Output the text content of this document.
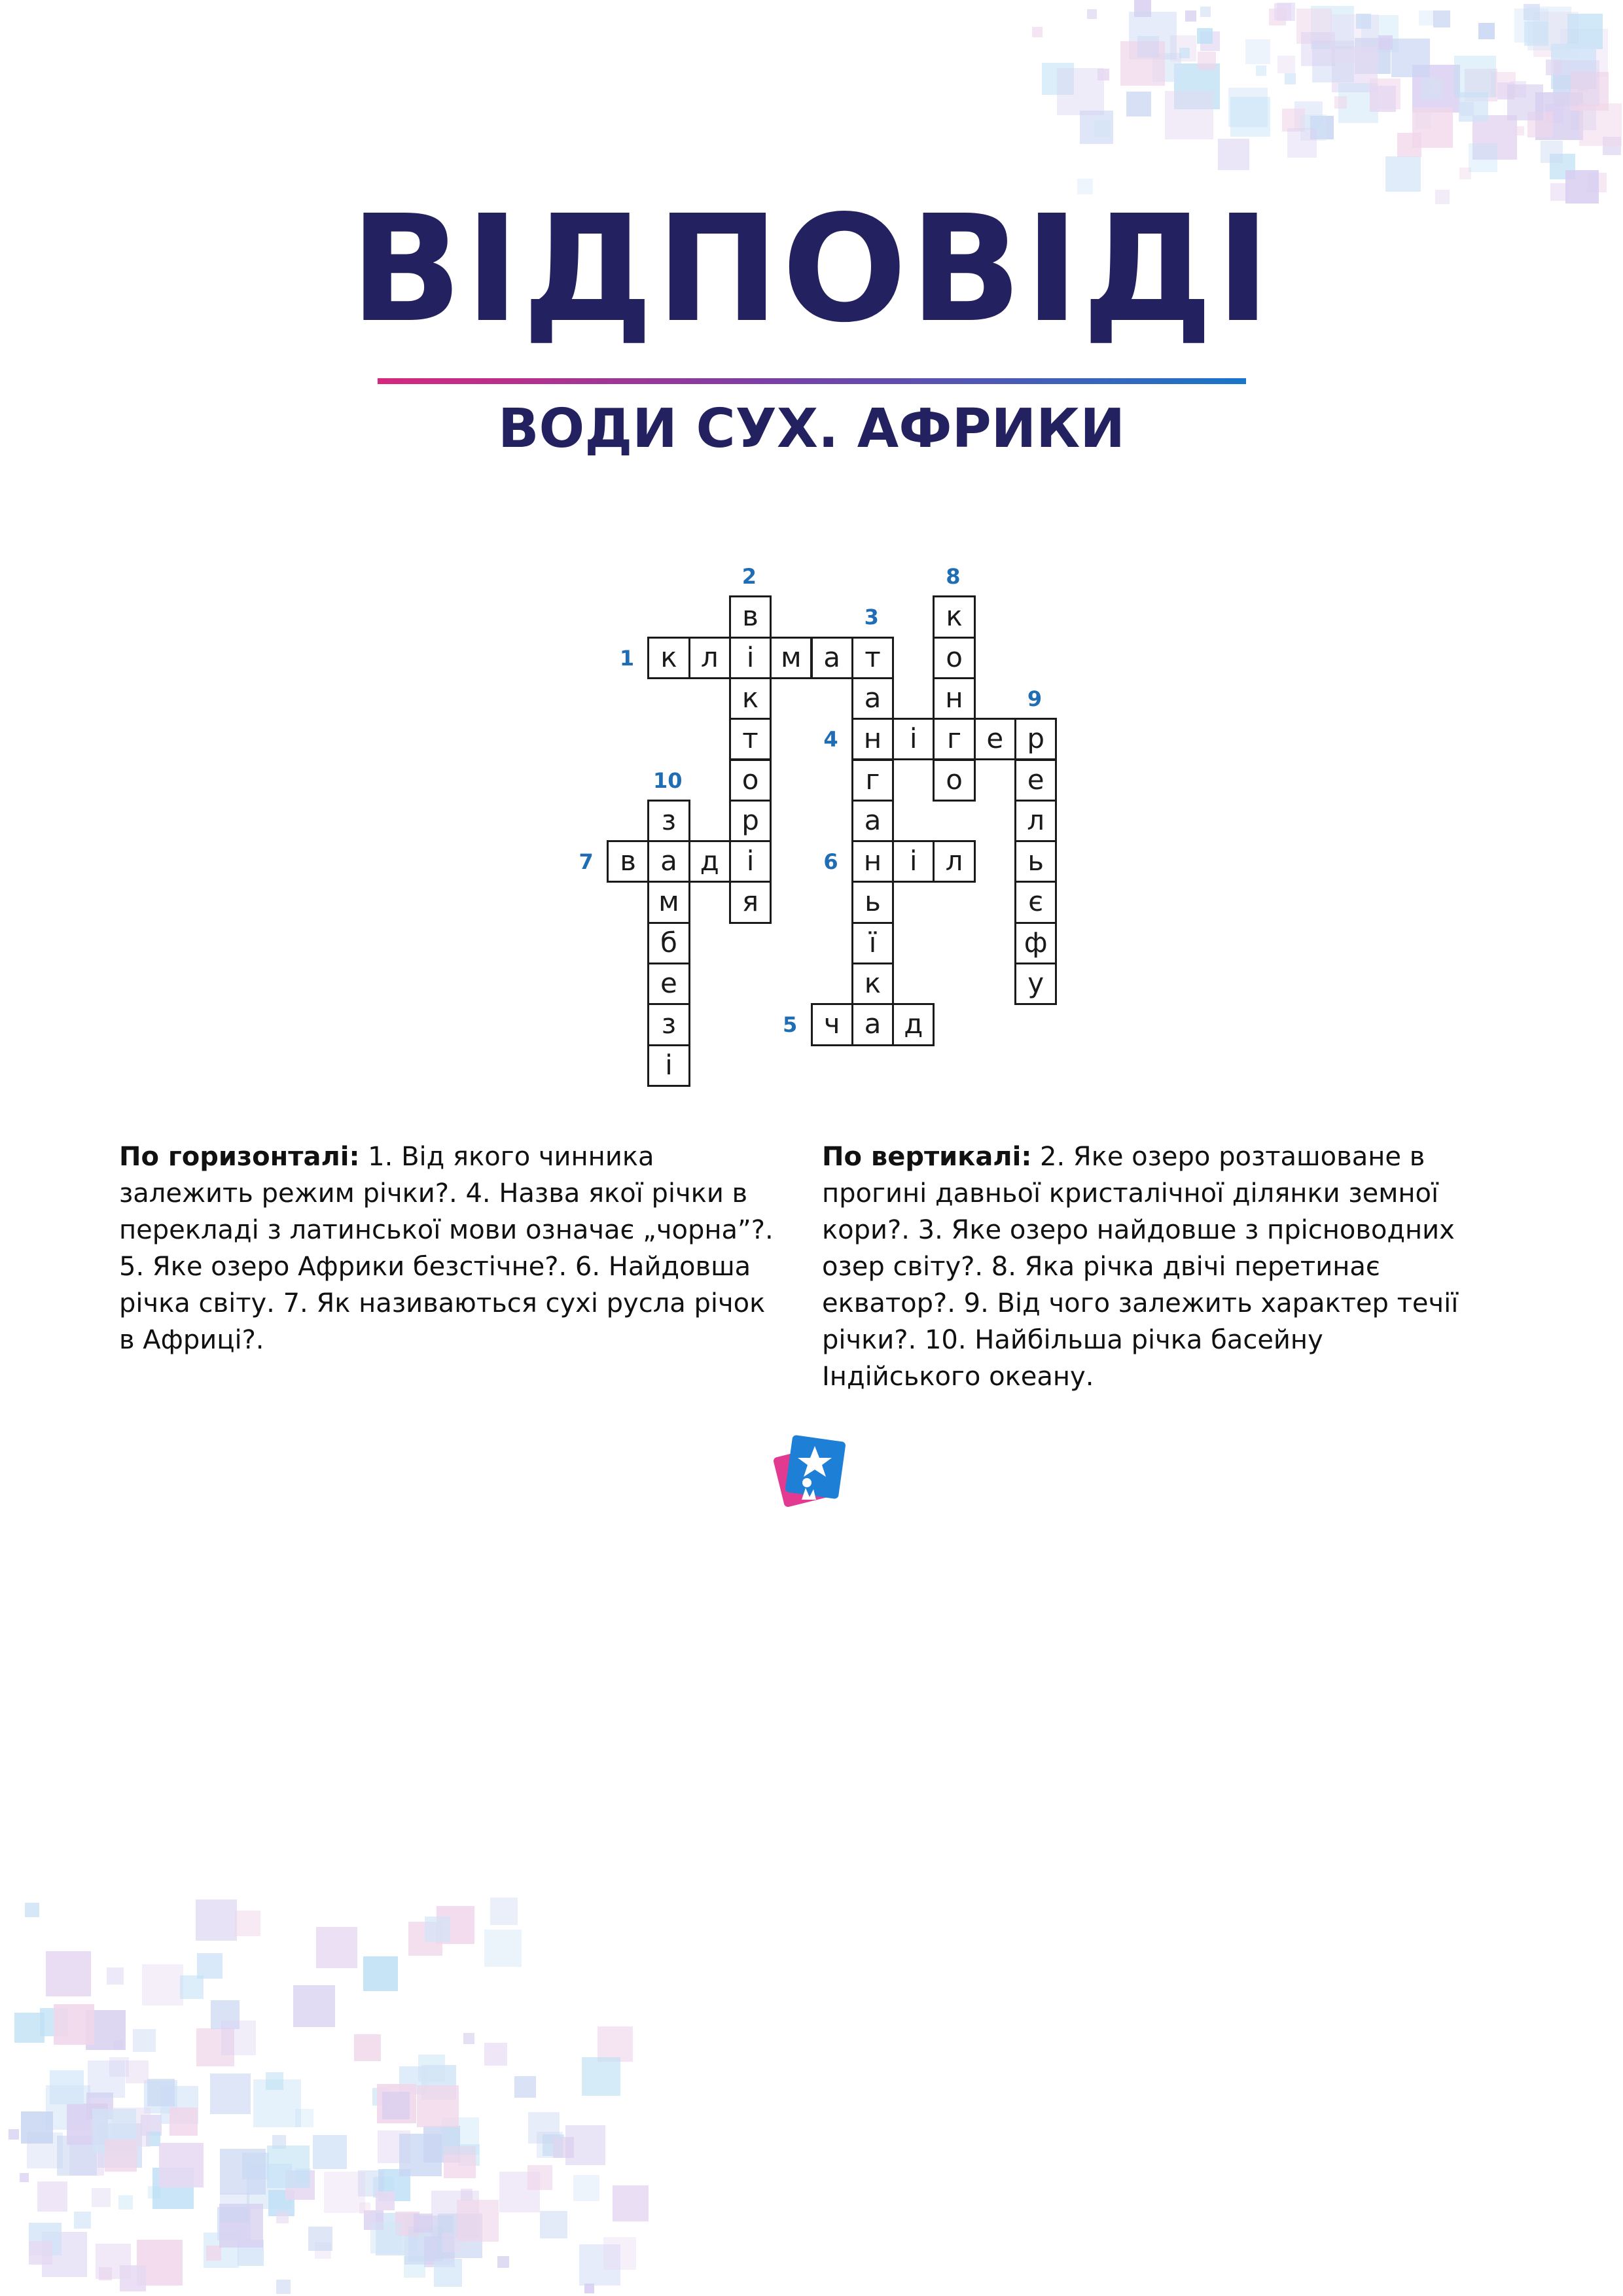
ВІДПОВІДІ
ВОДИ СУХ. АФРИКИ
к л	і м а т
н	і	г е р
ч а д
н	і	л
в а д і
в
к
т
о
р
я
а
г
а
ь
ї
к
к
о
н
о	е
л
ь
є
ф
у
з
м
б
е
з
і
1
4
5
6
7
2
3
8
9
10
По горизонталі: 1. Від якого чинника залежить режим річки?. 4. Назва якої річки в перекладі з латинської мови означає „чорна”?. 5. Яке озеро Африки безстічне?. 6. Найдовша річка світу. 7. Як називаються сухі русла річок в Африці?.
По вертикалі: 2. Яке озеро розташоване в прогині давньої кристалічної ділянки земної кори?. 3. Яке озеро найдовше з прісноводних озер світу?. 8. Яка річка двічі перетинає екватор?. 9. Від чого залежить характер течії річки?. 10. Найбільша річка басейну Індійського океану.
